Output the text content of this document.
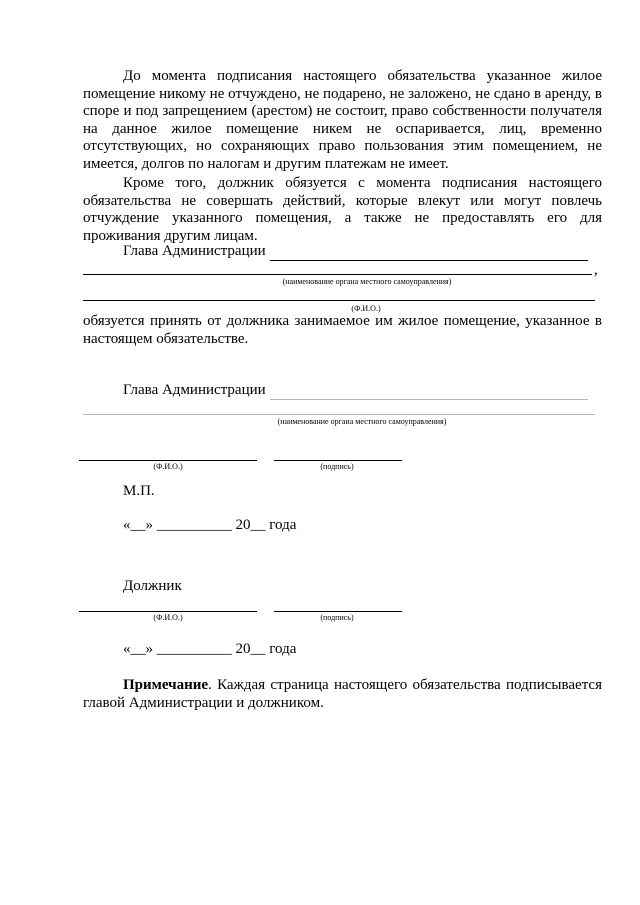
До момента подписания настоящего обязательства указанное жилое помещение никому не отчуждено, не подарено, не заложено, не сдано в аренду, в споре и под запрещением (арестом) не состоит, право собственности получателя на данное жилое помещение никем не оспаривается, лиц, временно отсутствующих, но сохраняющих право пользования этим помещением, не имеется, долгов по налогам и другим платежам не имеет.

Кроме того, должник обязуется с момента подписания настоящего обязательства не совершать действий, которые влекут или могут повлечь отчуждение указанного помещения, а также не предоставлять его для проживания другим лицам.

Глава Администрации
,
(наименование органа местного самоуправления)
(Ф.И.О.)

обязуется принять от должника занимаемое им жилое помещение, указанное в настоящем обязательстве.

Глава Администрации
(наименование органа местного самоуправления)
(Ф.И.О.)	(подпись)
М.П.
«__» __________ 20__ года
Должник
(Ф.И.О.)	(подпись)
«__» __________ 20__ года

Примечание. Каждая страница настоящего обязательства подписывается главой Администрации и должником.
